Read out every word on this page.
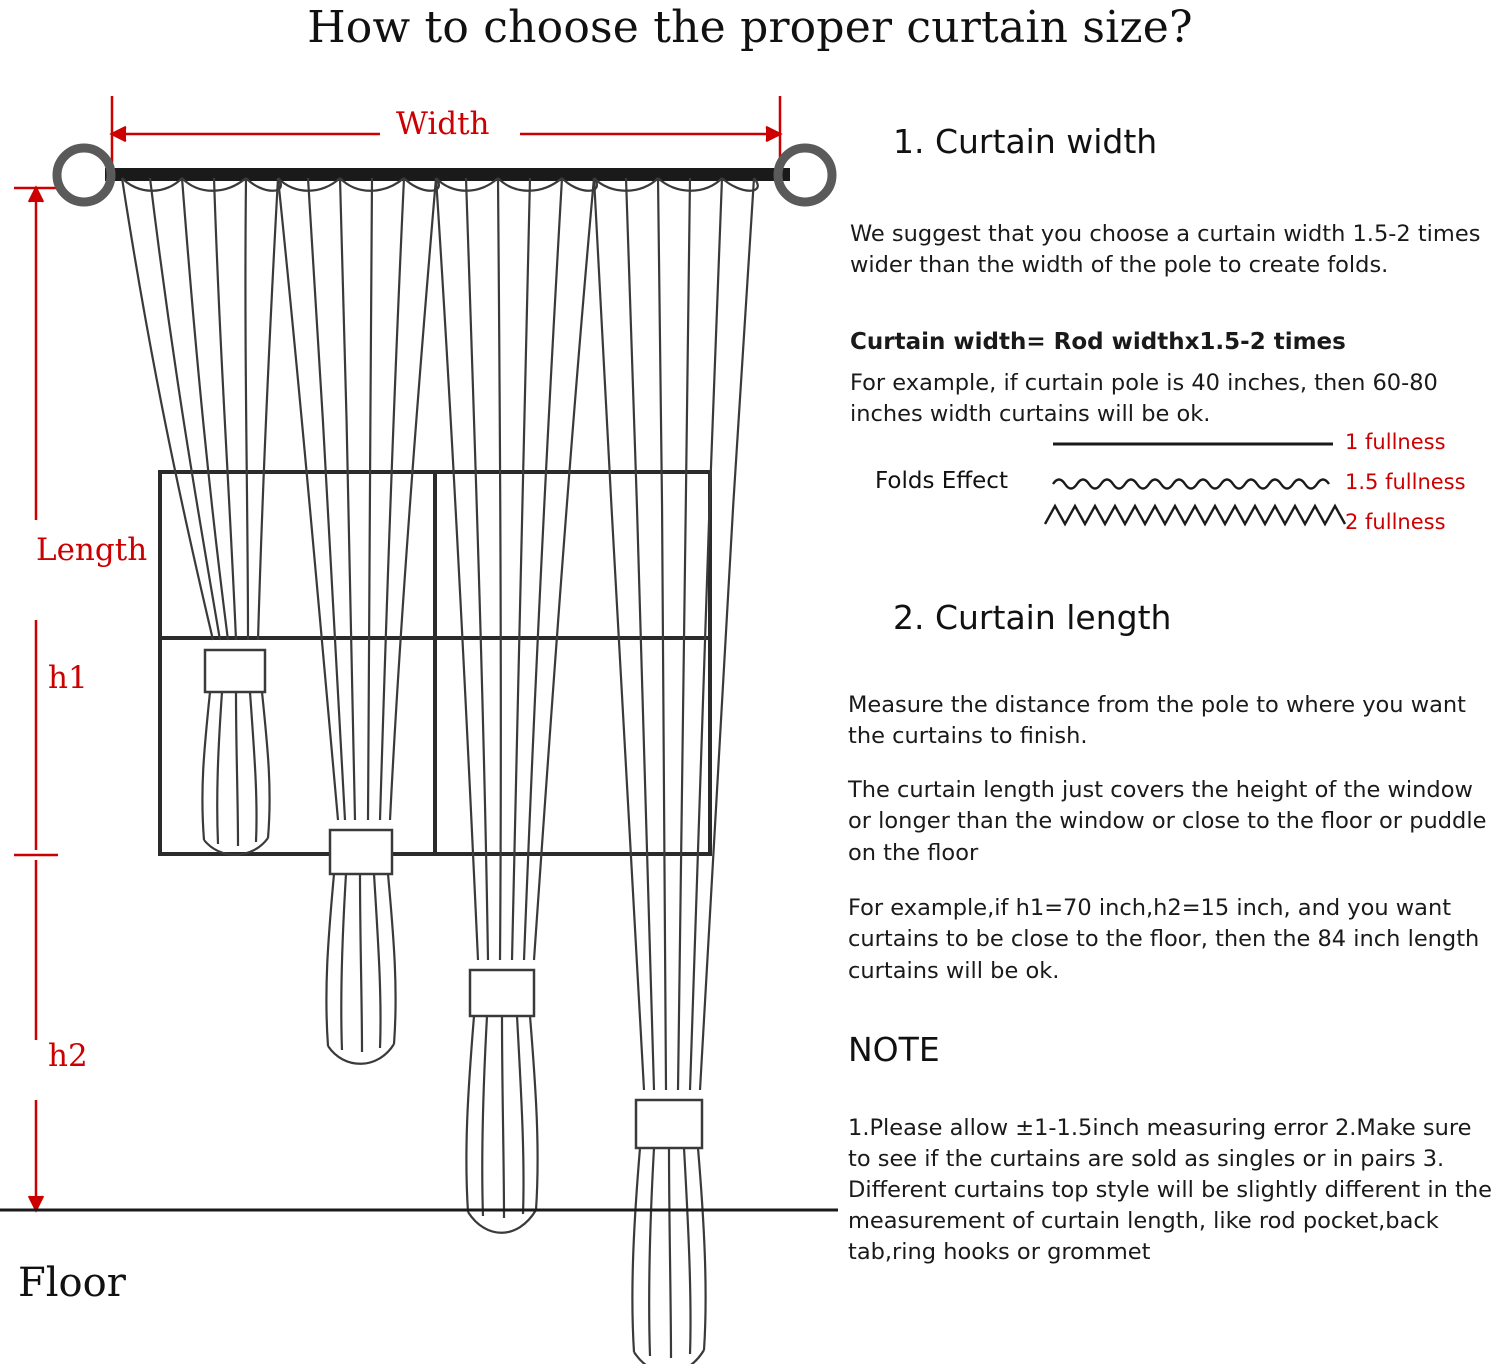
How to choose the proper curtain size?
Width
Length
h1
h2
Floor
1. Curtain width

We suggest that you choose a curtain width 1.5-2 times wider than the width of the pole to create folds.

Curtain width= Rod widthx1.5-2 times

For example, if curtain pole is 40 inches, then 60-80 inches width curtains will be ok.

Folds Effect
1 fullness
1.5 fullness
2 fullness
2. Curtain length

Measure the distance from the pole to where you want the curtains to finish.

The curtain length just covers the height of the window or longer than the window or close to the floor or puddle on the floor

For example,if h1=70 inch,h2=15 inch, and you want curtains to be close to the floor, then the 84 inch length curtains will be ok.

NOTE

1.Please allow ±1-1.5inch measuring error 2.Make sure to see if the curtains are sold as singles or in pairs 3. Different curtains top style will be slightly different in the measurement of curtain length, like rod pocket,back tab,ring hooks or grommet
